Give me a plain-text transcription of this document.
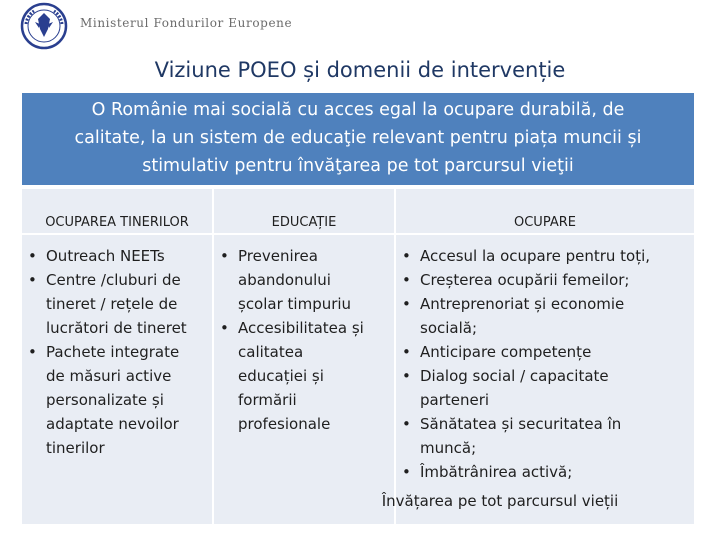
Ministerul Fondurilor Europene
Viziune POEO și domenii de intervenție
O Românie mai socială cu acces egal la ocupare durabilă, de
calitate, la un sistem de educaţie relevant pentru piața muncii și
stimulativ pentru învăţarea pe tot parcursul vieţii
OCUPAREA TINERILOR	EDUCAȚIE	OCUPARE
• Outreach NEETs
• Centre /cluburi de
tineret / rețele de
lucrători de tineret
• Pachete integrate
de măsuri active
personalizate și
adaptate nevoilor
tinerilor
• Prevenirea
abandonului
școlar timpuriu
• Accesibilitatea și
calitatea
educației și
formării
profesionale
• Accesul la ocupare pentru toți,
• Creșterea ocupării femeilor;
• Antreprenoriat și economie
socială;
• Anticipare competențe
• Dialog social / capacitate
parteneri
• Sănătatea și securitatea în
muncă;
• Îmbătrânirea activă;
Învățarea pe tot parcursul vieții
